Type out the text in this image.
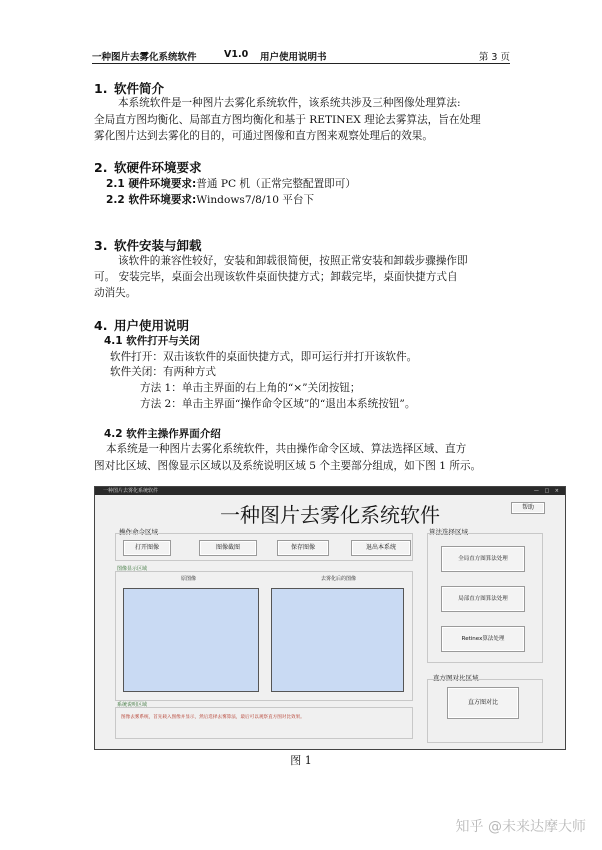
一种图片去雾化系统软件	V1.0 用户使用说明书	第 3 页
1. 软件简介
本系统软件是一种图片去雾化系统软件，该系统共涉及三种图像处理算法:
全局直方图均衡化、局部直方图均衡化和基于 RETINEX 理论去雾算法，旨在处理
雾化图片达到去雾化的目的，可通过图像和直方图来观察处理后的效果。
2. 软硬件环境要求
2.1 硬件环境要求:普通 PC 机（正常完整配置即可）
2.2 软件环境要求:Windows7/8/10 平台下
3. 软件安装与卸载
该软件的兼容性较好，安装和卸载很简便，按照正常安装和卸载步骤操作即
可。 安装完毕，桌面会出现该软件桌面快捷方式；卸载完毕，桌面快捷方式自
动消失。
4. 用户使用说明
4.1 软件打开与关闭
软件打开：双击该软件的桌面快捷方式，即可运行并打开该软件。
软件关闭：有两种方式
方法 1：单击主界面的右上角的“×”关闭按钮；
方法 2：单击主界面“操作命令区域”的“退出本系统按钮”。
4.2 软件主操作界面介绍
本系统是一种图片去雾化系统软件，共由操作命令区域、算法选择区域、直方
图对比区域、图像显示区域以及系统说明区域 5 个主要部分组成，如下图 1 所示。
一种图片去雾化系统软件	— □ ×
一种图片去雾化系统软件	帮助
操作命令区域
打开图像	图像截图	保存图像	退出本系统
图像显示区域
原图像	去雾化后的图像
系统说明区域
图像去雾系统，首先载入图像并显示，然后选择去雾算法，最后可以观察直方图对比效果。
算法选择区域
全局直方图算法处理
局部直方图算法处理
Retinex算法处理
直方图对比区域
直方图对比
图 1
知乎 @未来达摩大师
